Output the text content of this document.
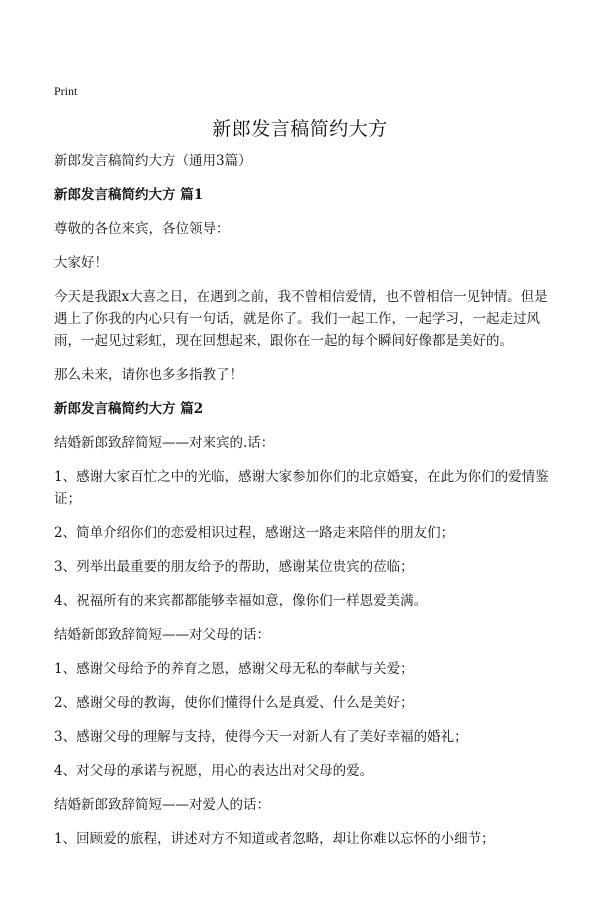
Print
新郎发言稿简约大方

新郎发言稿简约大方（通用3篇）

新郎发言稿简约大方 篇1

尊敬的各位来宾，各位领导：

大家好！

今天是我跟x大喜之日，在遇到之前，我不曾相信爱情，也不曾相信一见钟情。但是遇上了你我的内心只有一句话，就是你了。我们一起工作，一起学习，一起走过风雨，一起见过彩虹，现在回想起来，跟你在一起的每个瞬间好像都是美好的。

那么未来，请你也多多指教了！

新郎发言稿简约大方 篇2

结婚新郎致辞简短——对来宾的.话：

1、感谢大家百忙之中的光临，感谢大家参加你们的北京婚宴，在此为你们的爱情鉴证；

2、简单介绍你们的恋爱相识过程，感谢这一路走来陪伴的朋友们；

3、列举出最重要的朋友给予的帮助，感谢某位贵宾的莅临；

4、祝福所有的来宾都都能够幸福如意，像你们一样恩爱美满。

结婚新郎致辞简短——对父母的话：

1、感谢父母给予的养育之恩，感谢父母无私的奉献与关爱；

2、感谢父母的教诲，使你们懂得什么是真爱、什么是美好；

3、感谢父母的理解与支持，使得今天一对新人有了美好幸福的婚礼；

4、对父母的承诺与祝愿，用心的表达出对父母的爱。

结婚新郎致辞简短——对爱人的话：

1、回顾爱的旅程，讲述对方不知道或者忽略，却让你难以忘怀的小细节；
